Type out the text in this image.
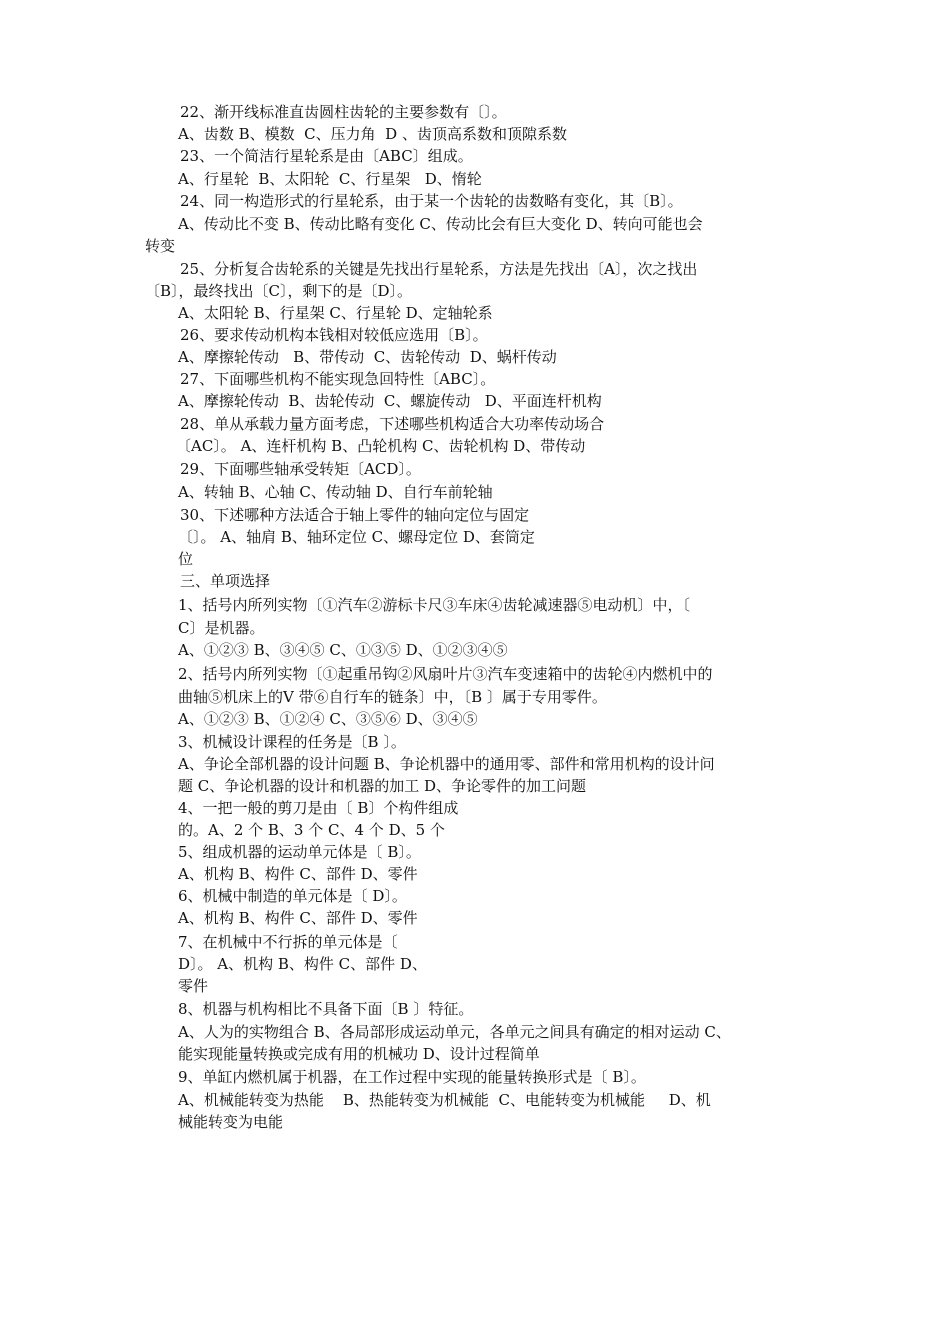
22、渐开线标准直齿圆柱齿轮的主要参数有〔〕。
A、齿数 B、模数  C、压力角  D 、齿顶高系数和顶隙系数
23、一个简洁行星轮系是由〔ABC〕组成。
A、行星轮  B、太阳轮  C、行星架   D、惰轮
24、同一构造形式的行星轮系，由于某一个齿轮的齿数略有变化，其〔B〕。
A、传动比不变 B、传动比略有变化 C、传动比会有巨大变化 D、转向可能也会
转变
25、分析复合齿轮系的关键是先找出行星轮系，方法是先找出〔A〕，次之找出
〔B〕，最终找出〔C〕，剩下的是〔D〕。
A、太阳轮 B、行星架 C、行星轮 D、定轴轮系
26、要求传动机构本钱相对较低应选用〔B〕。
A、摩擦轮传动   B、带传动  C、齿轮传动  D、蜗杆传动
27、下面哪些机构不能实现急回特性〔ABC〕。
A、摩擦轮传动  B、齿轮传动  C、螺旋传动   D、平面连杆机构
28、单从承载力量方面考虑，下述哪些机构适合大功率传动场合
〔AC〕。 A、连杆机构 B、凸轮机构 C、齿轮机构 D、带传动
29、下面哪些轴承受转矩〔ACD〕。
A、转轴 B、心轴 C、传动轴 D、自行车前轮轴
30、下述哪种方法适合于轴上零件的轴向定位与固定
〔〕。 A、轴肩 B、轴环定位 C、螺母定位 D、套筒定
位
三、单项选择
1、括号内所列实物〔①汽车②游标卡尺③车床④齿轮减速器⑤电动机〕中，〔
C〕是机器。
A、①②③ B、③④⑤ C、①③⑤ D、①②③④⑤
2、括号内所列实物〔①起重吊钩②风扇叶片③汽车变速箱中的齿轮④内燃机中的
曲轴⑤机床上的V 带⑥自行车的链条〕中，〔B 〕属于专用零件。
A、①②③ B、①②④ C、③⑤⑥ D、③④⑤
3、机械设计课程的任务是〔B 〕。
A、争论全部机器的设计问题 B、争论机器中的通用零、部件和常用机构的设计问
题 C、争论机器的设计和机器的加工 D、争论零件的加工问题
4、一把一般的剪刀是由〔 B〕个构件组成
的。A、2 个 B、3 个 C、4 个 D、5 个
5、组成机器的运动单元体是〔 B〕。
A、机构 B、构件 C、部件 D、零件
6、机械中制造的单元体是〔 D〕。
A、机构 B、构件 C、部件 D、零件
7、在机械中不行拆的单元体是〔
D〕。 A、机构 B、构件 C、部件 D、
零件
8、机器与机构相比不具备下面〔B 〕特征。
A、人为的实物组合 B、各局部形成运动单元，各单元之间具有确定的相对运动 C、
能实现能量转换或完成有用的机械功 D、设计过程简单
9、单缸内燃机属于机器，在工作过程中实现的能量转换形式是〔 B〕。
A、机械能转变为热能    B、热能转变为机械能  C、电能转变为机械能     D、机
械能转变为电能
